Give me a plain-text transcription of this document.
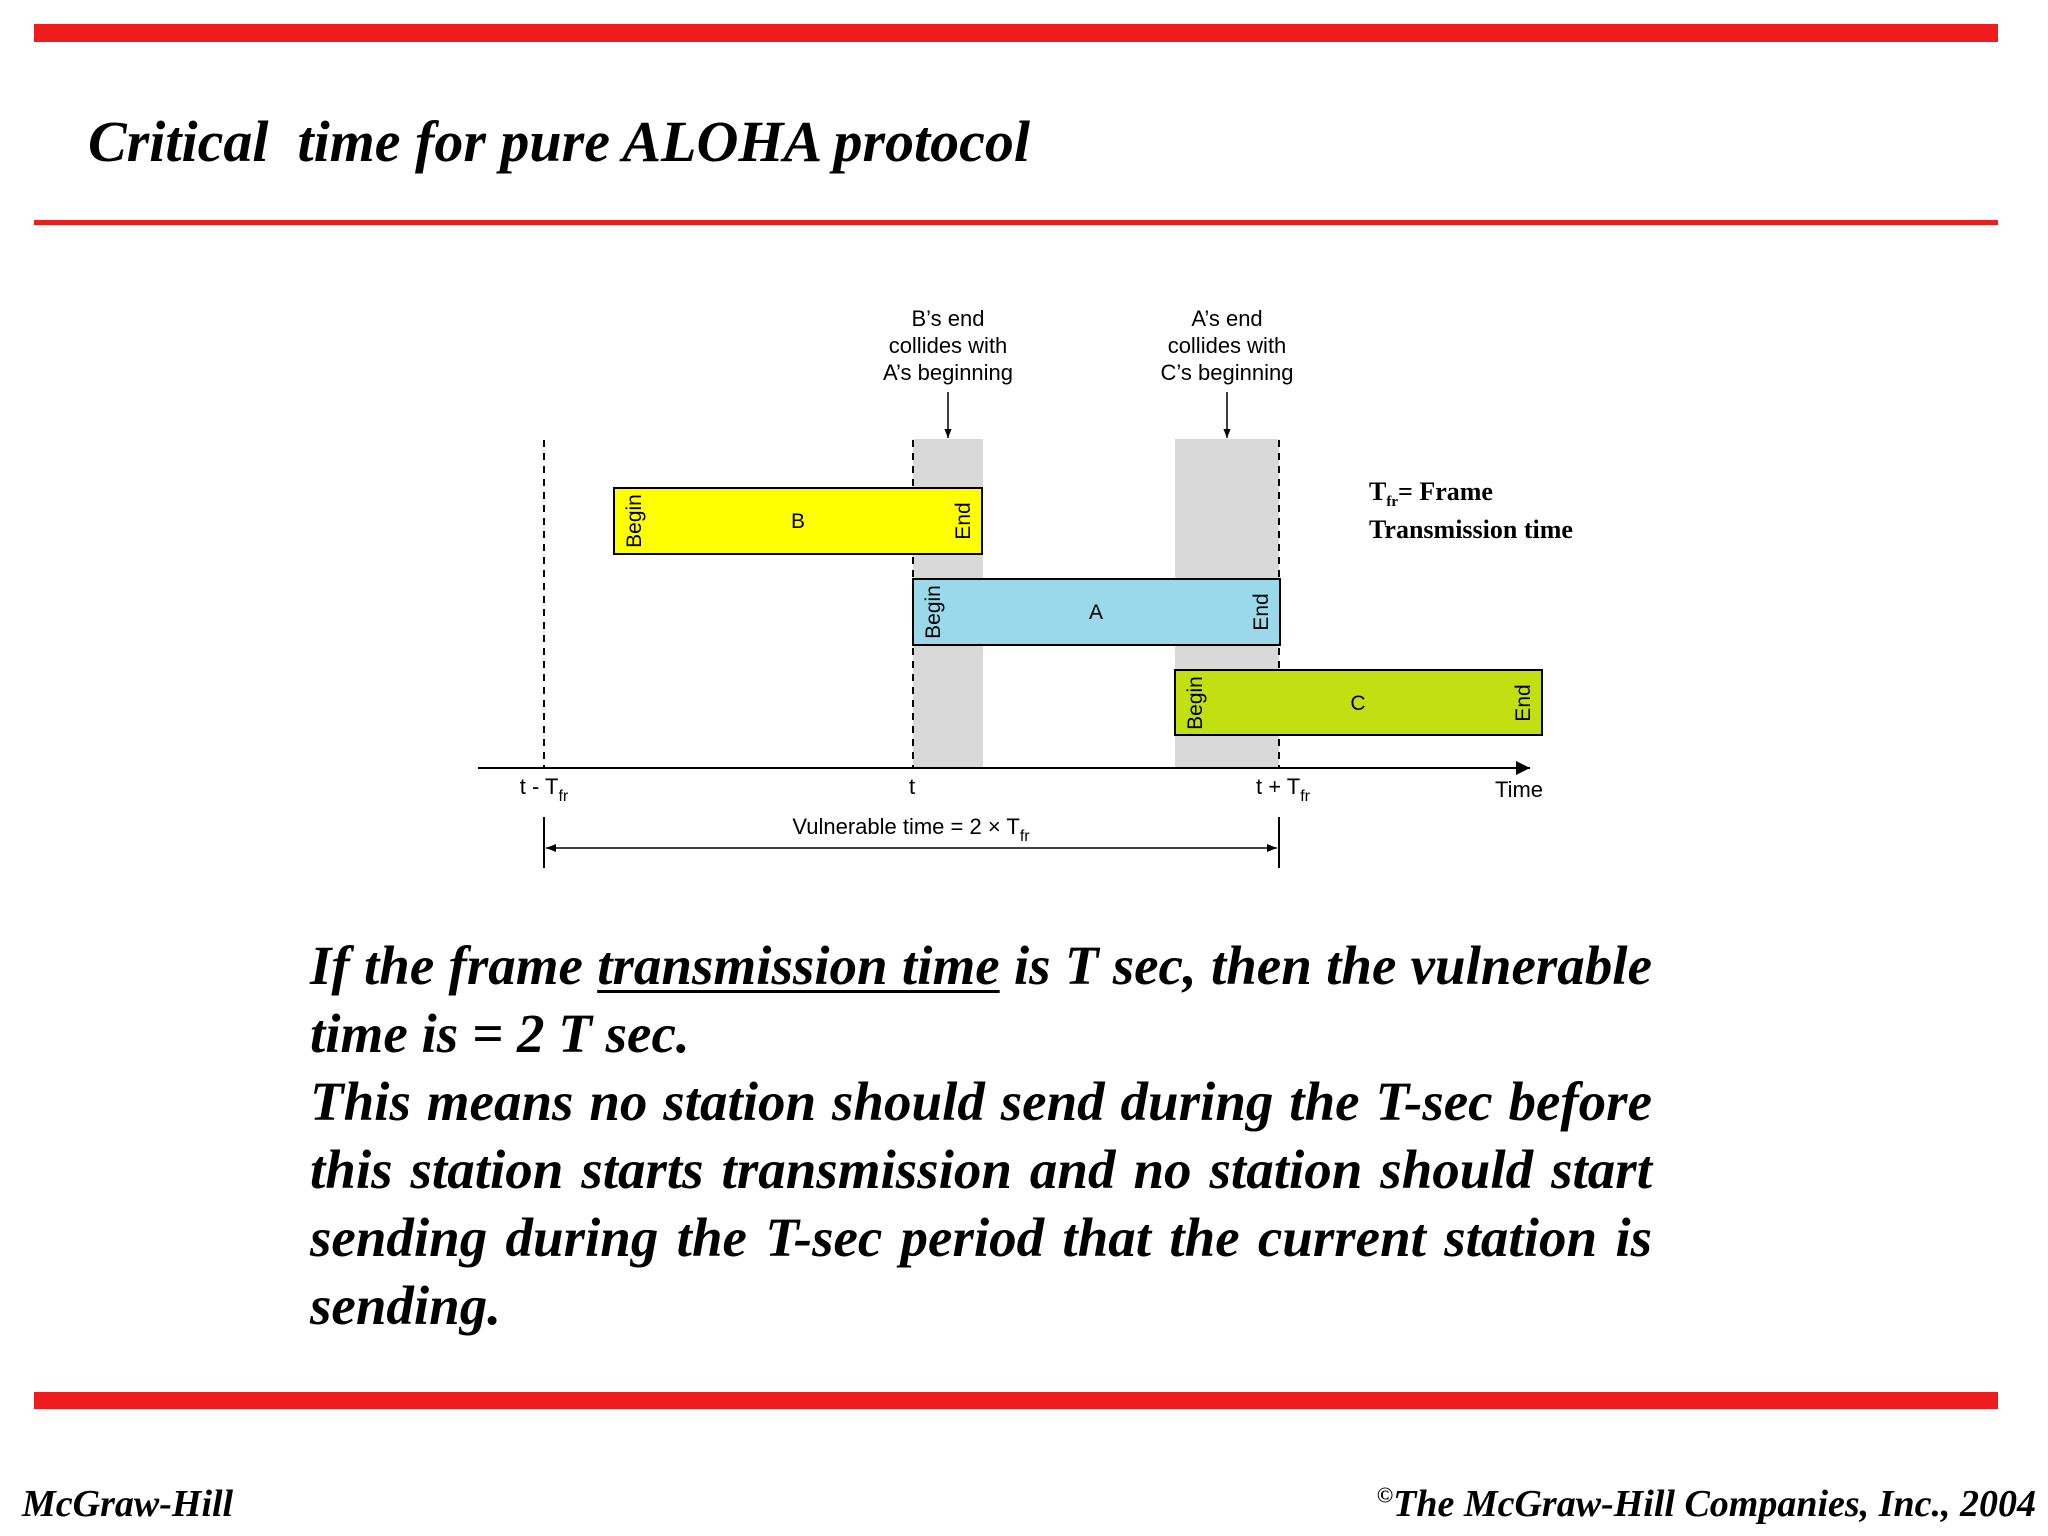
Critical  time for pure ALOHA protocol
B
Begin	End
A
Begin	End
C
Begin	End
B’s end
collides with
A’s beginning
A’s end
collides with
C’s beginning
$T_{fr}=$ Frame
Transmission time
t - $T_{fr}$	t	$t + T_{fr}$	Time
Vulnerable time = $2 \times T_{fr}$
If the frame transmission time is T sec, then the vulnerable time is = 2 T sec.
This means no station should send during the T-sec before this station starts transmission and no station should start sending during the T-sec period that the current station is sending.
McGraw-Hill	©The McGraw-Hill Companies, Inc., 2004
